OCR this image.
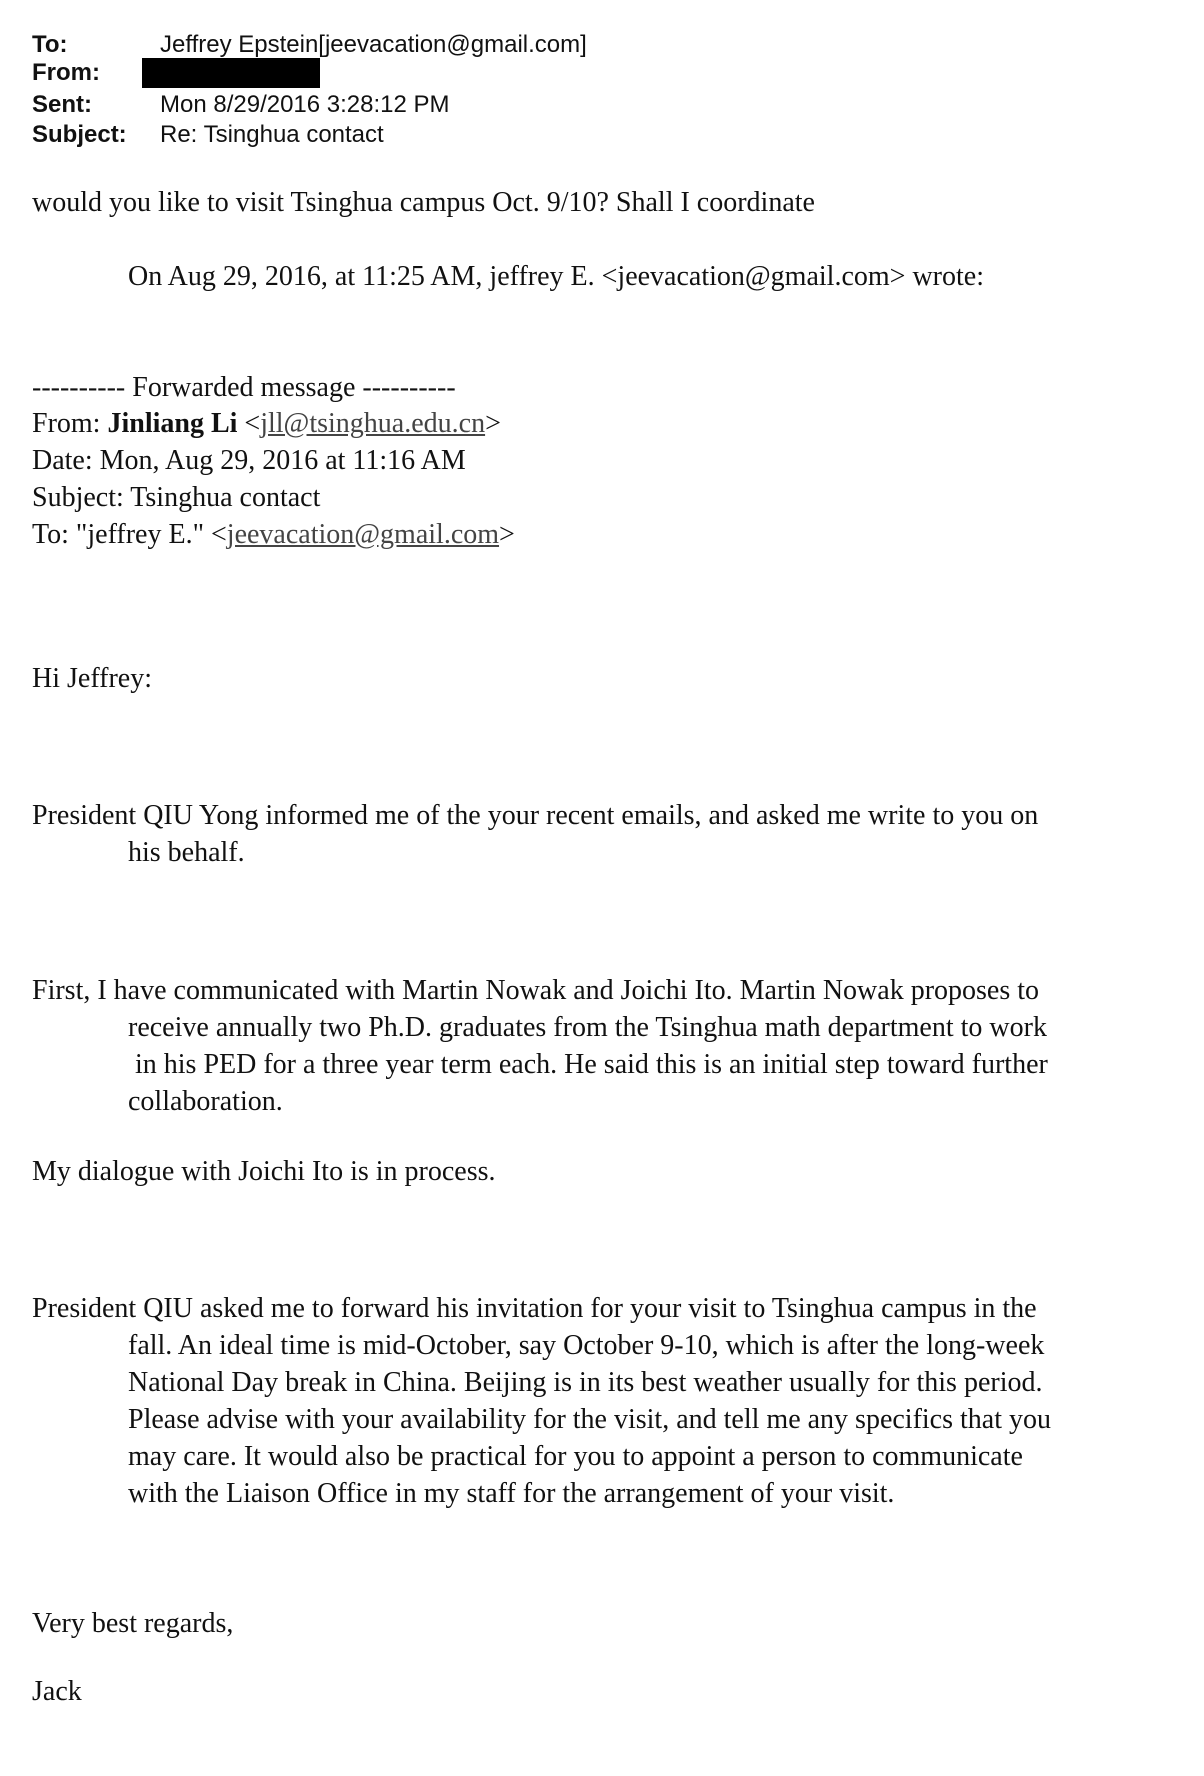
To:	Jeffrey Epstein[jeevacation@gmail.com]
From:
Sent:	Mon 8/29/2016 3:28:12 PM
Subject: Re: Tsinghua contact
would you like to visit Tsinghua campus Oct. 9/10? Shall I coordinate
On Aug 29, 2016, at 11:25 AM, jeffrey E. <jeevacation@gmail.com> wrote:
---------- Forwarded message ----------
From: Jinliang Li <jll@tsinghua.edu.cn>
Date: Mon, Aug 29, 2016 at 11:16 AM
Subject: Tsinghua contact
To: "jeffrey E." <jeevacation@gmail.com>
Hi Jeffrey:
President QIU Yong informed me of the your recent emails, and asked me write to you on
his behalf.
First, I have communicated with Martin Nowak and Joichi Ito. Martin Nowak proposes to
receive annually two Ph.D. graduates from the Tsinghua math department to work
in his PED for a three year term each. He said this is an initial step toward further
collaboration.
My dialogue with Joichi Ito is in process.
President QIU asked me to forward his invitation for your visit to Tsinghua campus in the
fall. An ideal time is mid-October, say October 9-10, which is after the long-week
National Day break in China. Beijing is in its best weather usually for this period.
Please advise with your availability for the visit, and tell me any specifics that you
may care. It would also be practical for you to appoint a person to communicate
with the Liaison Office in my staff for the arrangement of your visit.
Very best regards,
Jack
